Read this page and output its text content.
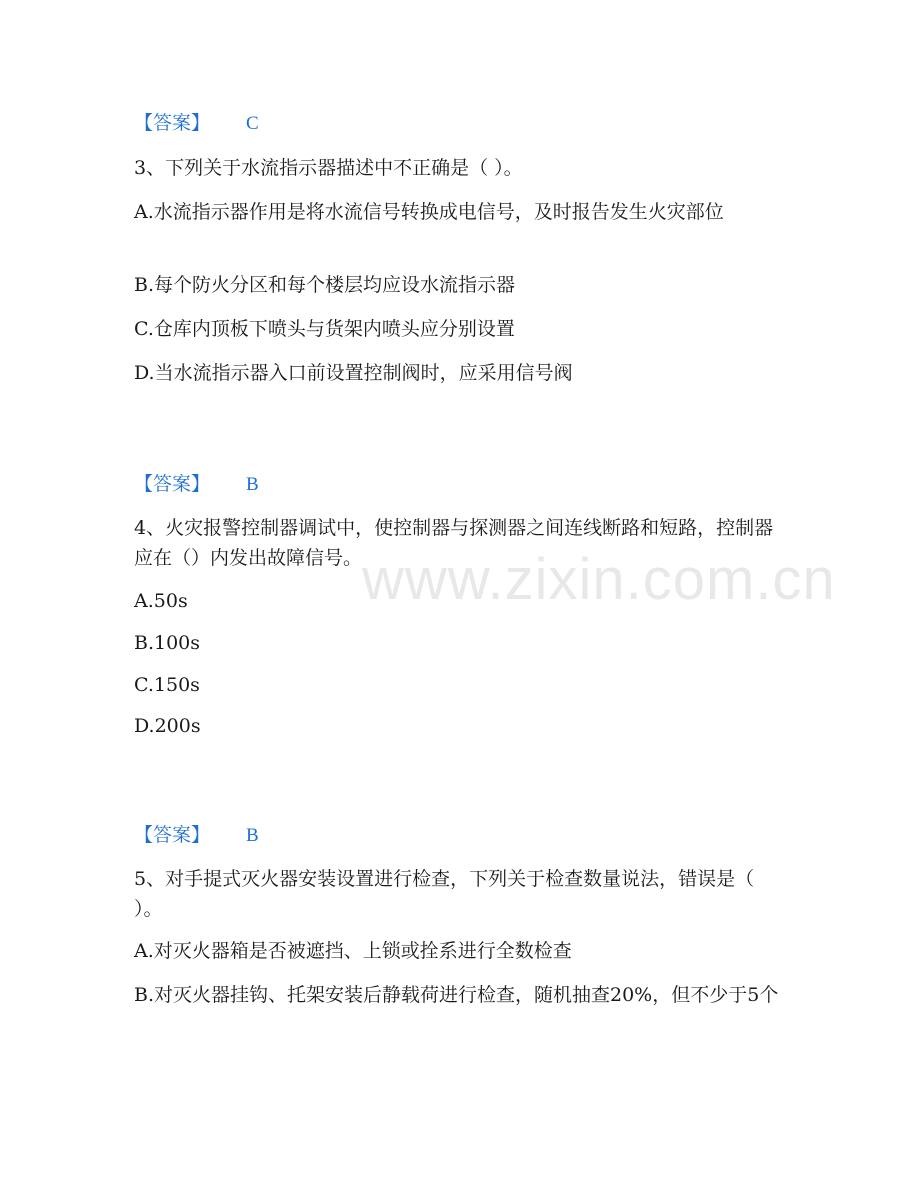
www.zixin.com.cn
【答案】 C
3、下列关于水流指示器描述中不正确是（ ）。
A.水流指示器作用是将水流信号转换成电信号，及时报告发生火灾部位
B.每个防火分区和每个楼层均应设水流指示器
C.仓库内顶板下喷头与货架内喷头应分别设置
D.当水流指示器入口前设置控制阀时，应采用信号阀
【答案】 B
4、火灾报警控制器调试中，使控制器与探测器之间连线断路和短路，控制器应在（）内发出故障信号。
A.50s
B.100s
C.150s
D.200s
【答案】 B
5、对手提式灭火器安装设置进行检查，下列关于检查数量说法，错误是（ ）。
A.对灭火器箱是否被遮挡、上锁或拴系进行全数检查
B.对灭火器挂钩、托架安装后静载荷进行检查，随机抽查20%，但不少于5个
